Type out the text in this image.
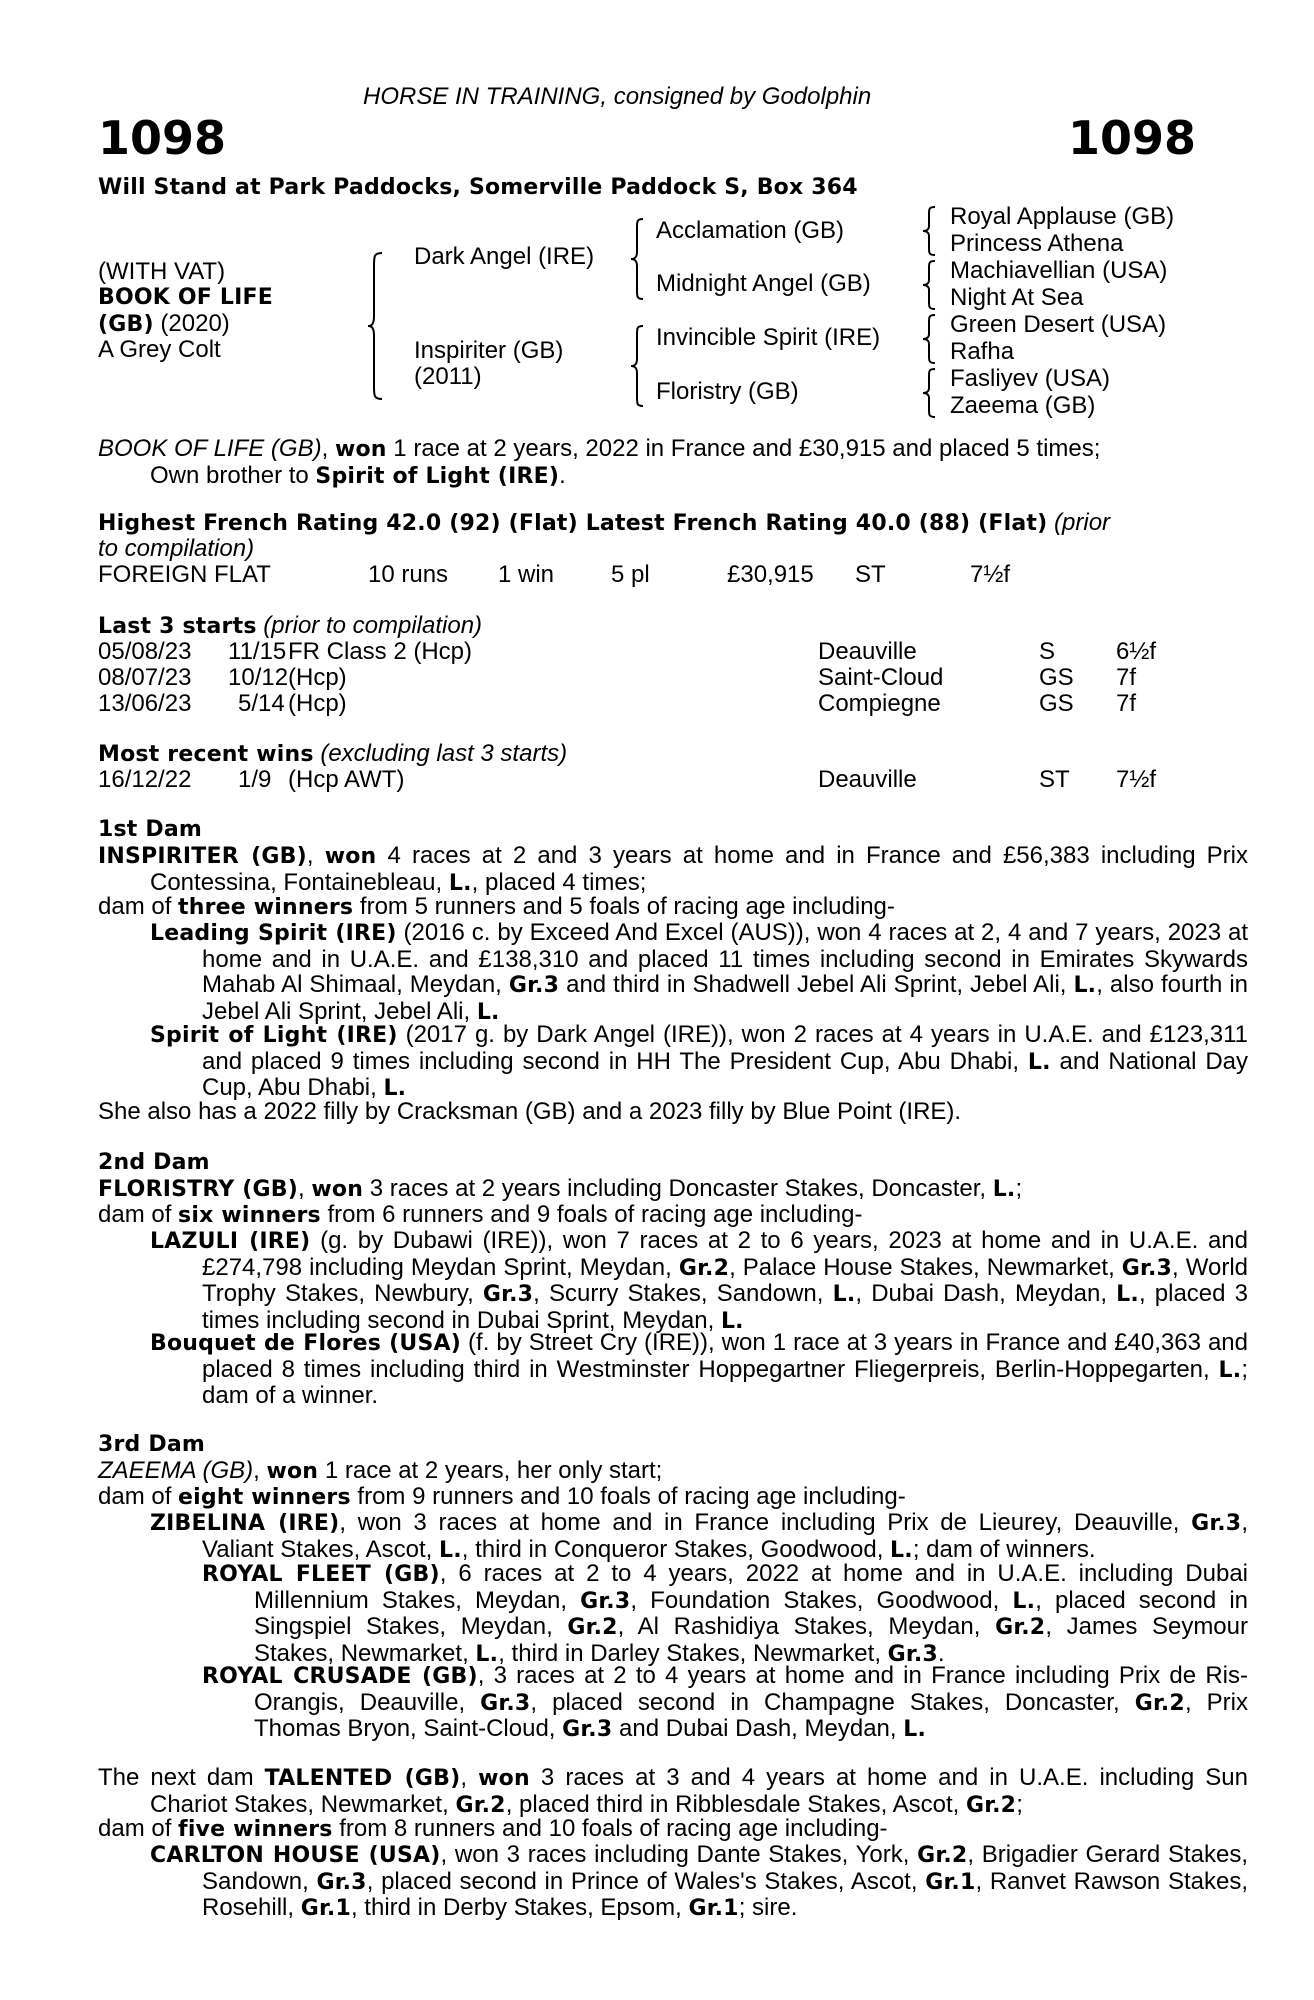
HORSE IN TRAINING, consigned by Godolphin
1098	1098
Will Stand at Park Paddocks, Somerville Paddock S, Box 364
(WITH VAT)
BOOK OF LIFE
(GB) (2020)
A Grey Colt
Dark Angel (IRE)
Inspiriter (GB)
(2011)
Acclamation (GB)
Midnight Angel (GB)
Invincible Spirit (IRE)
Floristry (GB)
Royal Applause (GB)
Princess Athena
Machiavellian (USA)
Night At Sea
Green Desert (USA)
Rafha
Fasliyev (USA)
Zaeema (GB)
BOOK OF LIFE (GB), won 1 race at 2 years, 2022 in France and £30,915 and placed 5 times;
Own brother to Spirit of Light (IRE).
Highest French Rating 42.0 (92) (Flat) Latest French Rating 40.0 (88) (Flat) (prior
to compilation)
FOREIGN FLAT	10 runs 1 win 5 pl	£30,915 ST	7½f
Last 3 starts (prior to compilation)
05/08/23 11/15 FR Class 2 (Hcp)	Deauville	S	6½f
08/07/23 10/12 (Hcp)	Saint-Cloud	GS 7f
13/06/23 5/14 (Hcp)	Compiegne	GS 7f
Most recent wins (excluding last 3 starts)
16/12/22 1/9 (Hcp AWT)	Deauville	ST 7½f
1st Dam
INSPIRITER (GB), won 4 races at 2 and 3 years at home and in France and £56,383 including Prix Contessina, Fontainebleau, L., placed 4 times;
dam of three winners from 5 runners and 5 foals of racing age including-
Leading Spirit (IRE) (2016 c. by Exceed And Excel (AUS)), won 4 races at 2, 4 and 7 years, 2023 at home and in U.A.E. and £138,310 and placed 11 times including second in Emirates Skywards Mahab Al Shimaal, Meydan, Gr.3 and third in Shadwell Jebel Ali Sprint, Jebel Ali, L., also fourth in Jebel Ali Sprint, Jebel Ali, L.
Spirit of Light (IRE) (2017 g. by Dark Angel (IRE)), won 2 races at 4 years in U.A.E. and £123,311 and placed 9 times including second in HH The President Cup, Abu Dhabi, L. and National Day Cup, Abu Dhabi, L.
She also has a 2022 filly by Cracksman (GB) and a 2023 filly by Blue Point (IRE).
2nd Dam
FLORISTRY (GB), won 3 races at 2 years including Doncaster Stakes, Doncaster, L.;
dam of six winners from 6 runners and 9 foals of racing age including-
LAZULI (IRE) (g. by Dubawi (IRE)), won 7 races at 2 to 6 years, 2023 at home and in U.A.E. and £274,798 including Meydan Sprint, Meydan, Gr.2, Palace House Stakes, Newmarket, Gr.3, World Trophy Stakes, Newbury, Gr.3, Scurry Stakes, Sandown, L., Dubai Dash, Meydan, L., placed 3 times including second in Dubai Sprint, Meydan, L.
Bouquet de Flores (USA) (f. by Street Cry (IRE)), won 1 race at 3 years in France and £40,363 and placed 8 times including third in Westminster Hoppegartner Fliegerpreis, Berlin-Hoppegarten, L.; dam of a winner.
3rd Dam
ZAEEMA (GB), won 1 race at 2 years, her only start;
dam of eight winners from 9 runners and 10 foals of racing age including-
ZIBELINA (IRE), won 3 races at home and in France including Prix de Lieurey, Deauville, Gr.3, Valiant Stakes, Ascot, L., third in Conqueror Stakes, Goodwood, L.; dam of winners.
ROYAL FLEET (GB), 6 races at 2 to 4 years, 2022 at home and in U.A.E. including Dubai Millennium Stakes, Meydan, Gr.3, Foundation Stakes, Goodwood, L., placed second in Singspiel Stakes, Meydan, Gr.2, Al Rashidiya Stakes, Meydan, Gr.2, James Seymour Stakes, Newmarket, L., third in Darley Stakes, Newmarket, Gr.3.
ROYAL CRUSADE (GB), 3 races at 2 to 4 years at home and in France including Prix de Ris-Orangis, Deauville, Gr.3, placed second in Champagne Stakes, Doncaster, Gr.2, Prix Thomas Bryon, Saint-Cloud, Gr.3 and Dubai Dash, Meydan, L.
The next dam TALENTED (GB), won 3 races at 3 and 4 years at home and in U.A.E. including Sun Chariot Stakes, Newmarket, Gr.2, placed third in Ribblesdale Stakes, Ascot, Gr.2;
dam of five winners from 8 runners and 10 foals of racing age including-
CARLTON HOUSE (USA), won 3 races including Dante Stakes, York, Gr.2, Brigadier Gerard Stakes, Sandown, Gr.3, placed second in Prince of Wales's Stakes, Ascot, Gr.1, Ranvet Rawson Stakes, Rosehill, Gr.1, third in Derby Stakes, Epsom, Gr.1; sire.
